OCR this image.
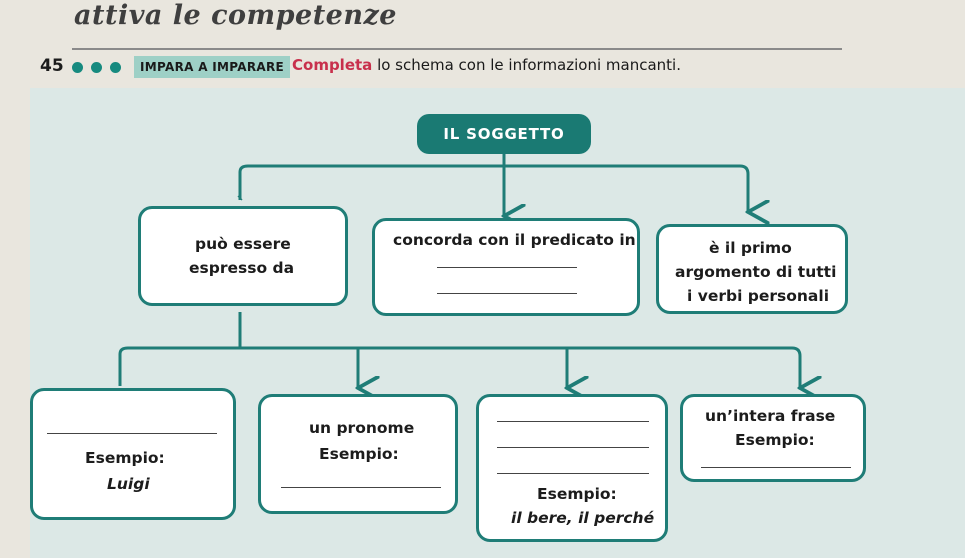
attiva le competenze
45	IMPARA A IMPARARE Completa lo schema con le informazioni mancanti.
IL SOGGETTO
può essere
espresso da
concorda con il predicato in	è il primo
argomento di tutti
i verbi personali
Esempio:
Luigi
un pronome
Esempio:
Esempio:
il bere, il perché
un’intera frase
Esempio:
